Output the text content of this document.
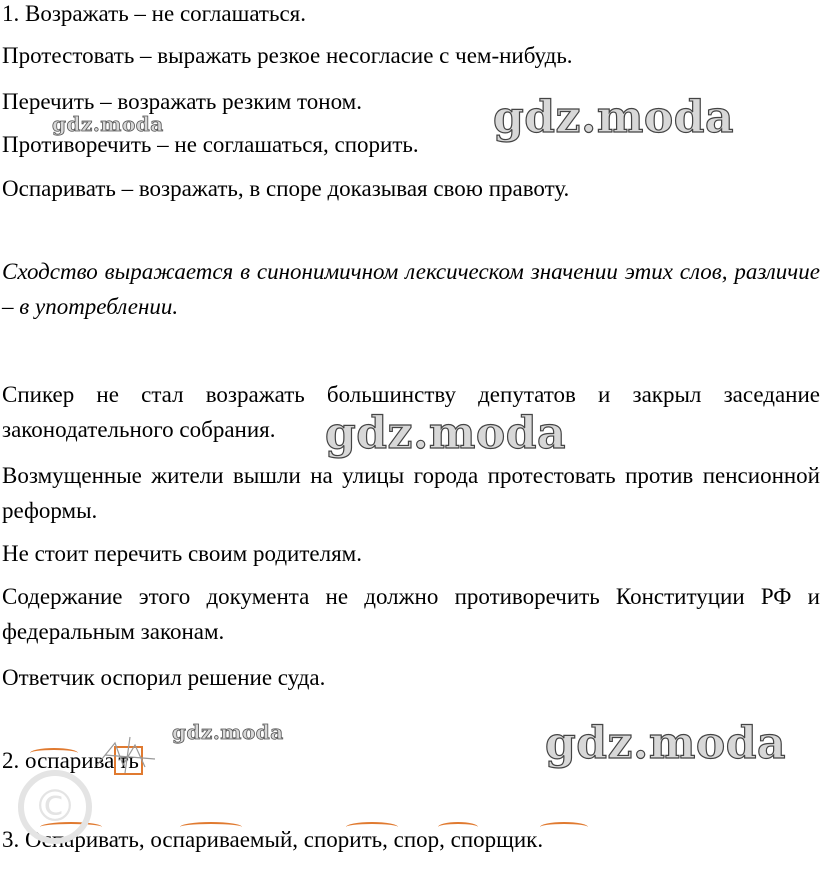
1. Возражать – не соглашаться.
Протестовать – выражать резкое несогласие с чем-нибудь.
Перечить – возражать резким тоном.
Противоречить – не соглашаться, спорить.
Оспаривать – возражать, в споре доказывая свою правоту.
Сходство выражается в синонимичном лексическом значении этих слов, различие – в употреблении.
Спикер не стал возражать большинству депутатов и закрыл заседание законодательного собрания.
Возмущенные жители вышли на улицы города протестовать против пенсионной реформы.
Не стоит перечить своим родителям.
Содержание этого документа не должно противоречить Конституции РФ и федеральным законам.
Ответчик оспорил решение суда.
2. оспарива ть
3. Оспаривать, оспариваемый, спорить, спор, спорщик.
©
gdz.moda	gdz.moda
gdz.moda
gdz.moda	gdz.moda
